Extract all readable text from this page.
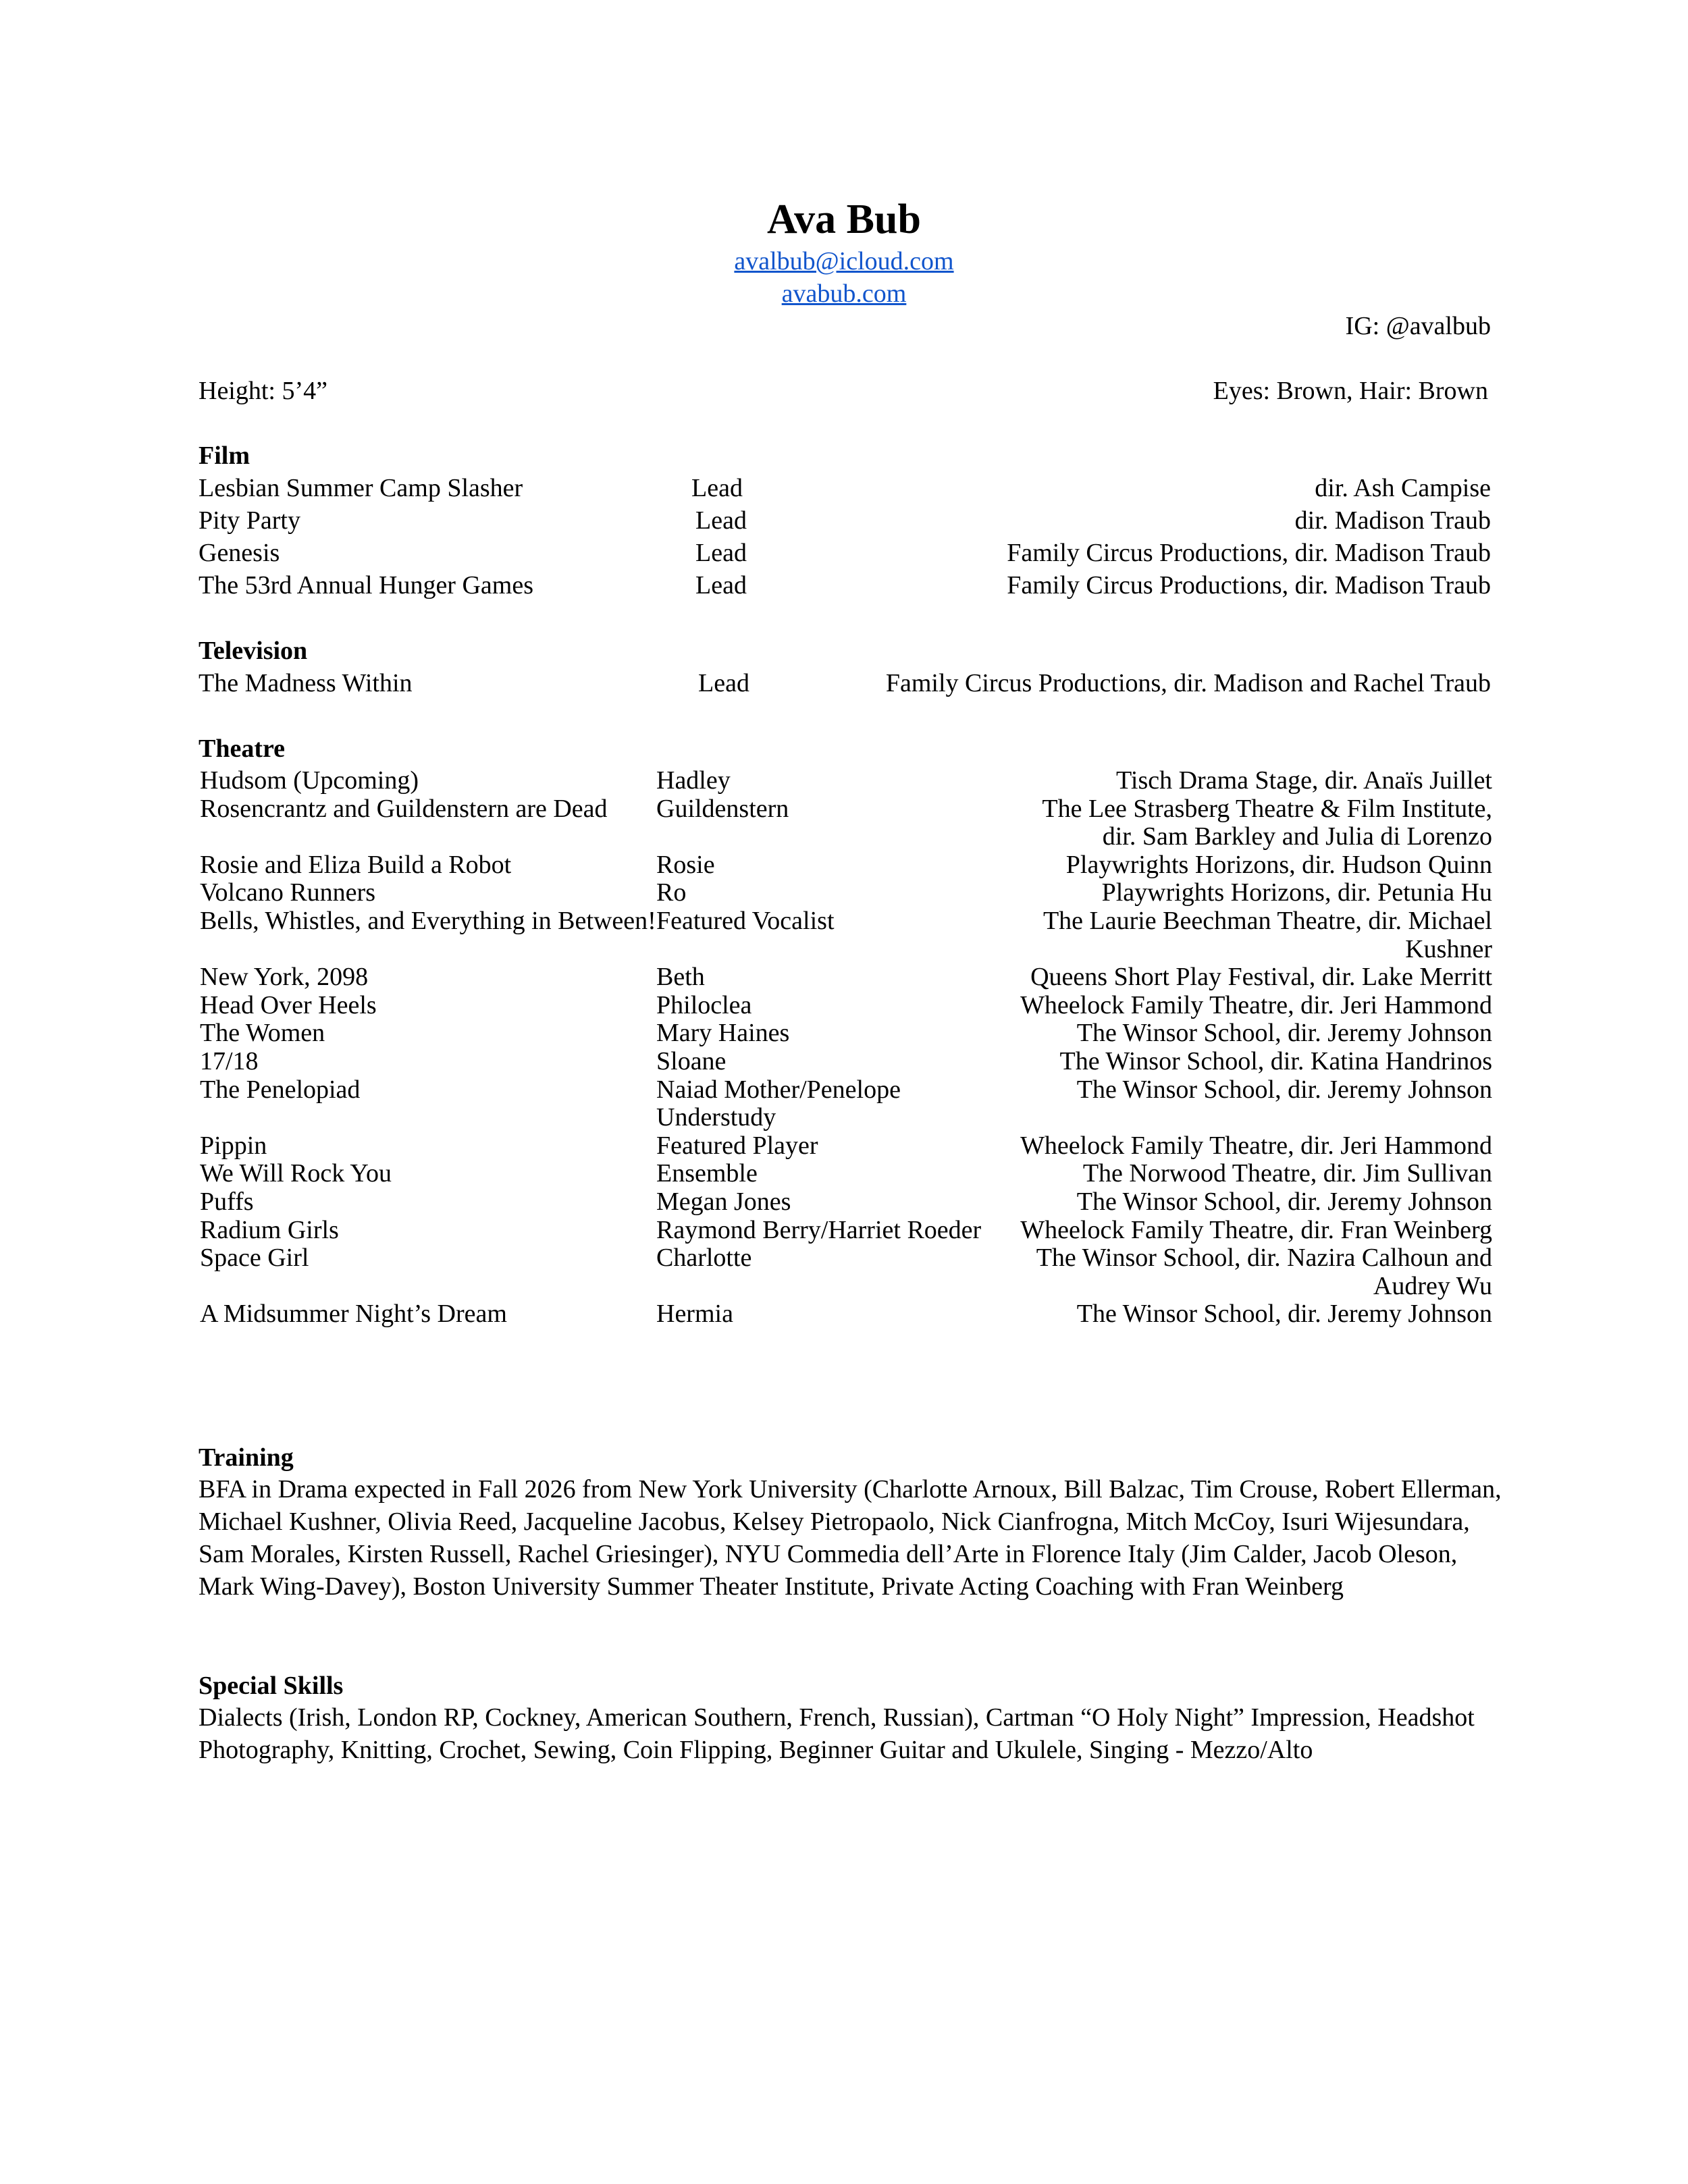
Ava Bub
avalbub@icloud.com
avabub.com
IG: @avalbub
Height: 5’4”	Eyes: Brown, Hair: Brown
Film
Lesbian Summer Camp Slasher	Lead	dir. Ash Campise
Pity Party	Lead	dir. Madison Traub
Genesis	Lead	Family Circus Productions, dir. Madison Traub
The 53rd Annual Hunger Games	Lead	Family Circus Productions, dir. Madison Traub
Television
The Madness Within	Lead	Family Circus Productions, dir. Madison and Rachel Traub
Theatre
Hudsom (Upcoming)	Hadley	Tisch Drama Stage, dir. Anaïs Juillet
Rosencrantz and Guildenstern are Dead	Guildenstern	The Lee Strasberg Theatre & Film Institute, dir. Sam Barkley and Julia di Lorenzo
Rosie and Eliza Build a Robot	Rosie	Playwrights Horizons, dir. Hudson Quinn
Volcano Runners	Ro	Playwrights Horizons, dir. Petunia Hu
Bells, Whistles, and Everything in Between!	Featured Vocalist	The Laurie Beechman Theatre, dir. Michael Kushner
New York, 2098	Beth	Queens Short Play Festival, dir. Lake Merritt
Head Over Heels	Philoclea	Wheelock Family Theatre, dir. Jeri Hammond
The Women	Mary Haines	The Winsor School, dir. Jeremy Johnson
17/18	Sloane	The Winsor School, dir. Katina Handrinos
The Penelopiad	Naiad Mother/Penelope Understudy	The Winsor School, dir. Jeremy Johnson
Pippin	Featured Player	Wheelock Family Theatre, dir. Jeri Hammond
We Will Rock You	Ensemble	The Norwood Theatre, dir. Jim Sullivan
Puffs	Megan Jones	The Winsor School, dir. Jeremy Johnson
Radium Girls	Raymond Berry/Harriet Roeder	Wheelock Family Theatre, dir. Fran Weinberg
Space Girl	Charlotte	The Winsor School, dir. Nazira Calhoun and Audrey Wu
A Midsummer Night’s Dream	Hermia	The Winsor School, dir. Jeremy Johnson
Training
BFA in Drama expected in Fall 2026 from New York University (Charlotte Arnoux, Bill Balzac, Tim Crouse, Robert Ellerman, Michael Kushner, Olivia Reed, Jacqueline Jacobus, Kelsey Pietropaolo, Nick Cianfrogna, Mitch McCoy, Isuri Wijesundara, Sam Morales, Kirsten Russell, Rachel Griesinger), NYU Commedia dell’Arte in Florence Italy (Jim Calder, Jacob Oleson, Mark Wing-Davey), Boston University Summer Theater Institute, Private Acting Coaching with Fran Weinberg
Special Skills
Dialects (Irish, London RP, Cockney, American Southern, French, Russian), Cartman “O Holy Night” Impression, Headshot Photography, Knitting, Crochet, Sewing, Coin Flipping, Beginner Guitar and Ukulele, Singing - Mezzo/Alto
